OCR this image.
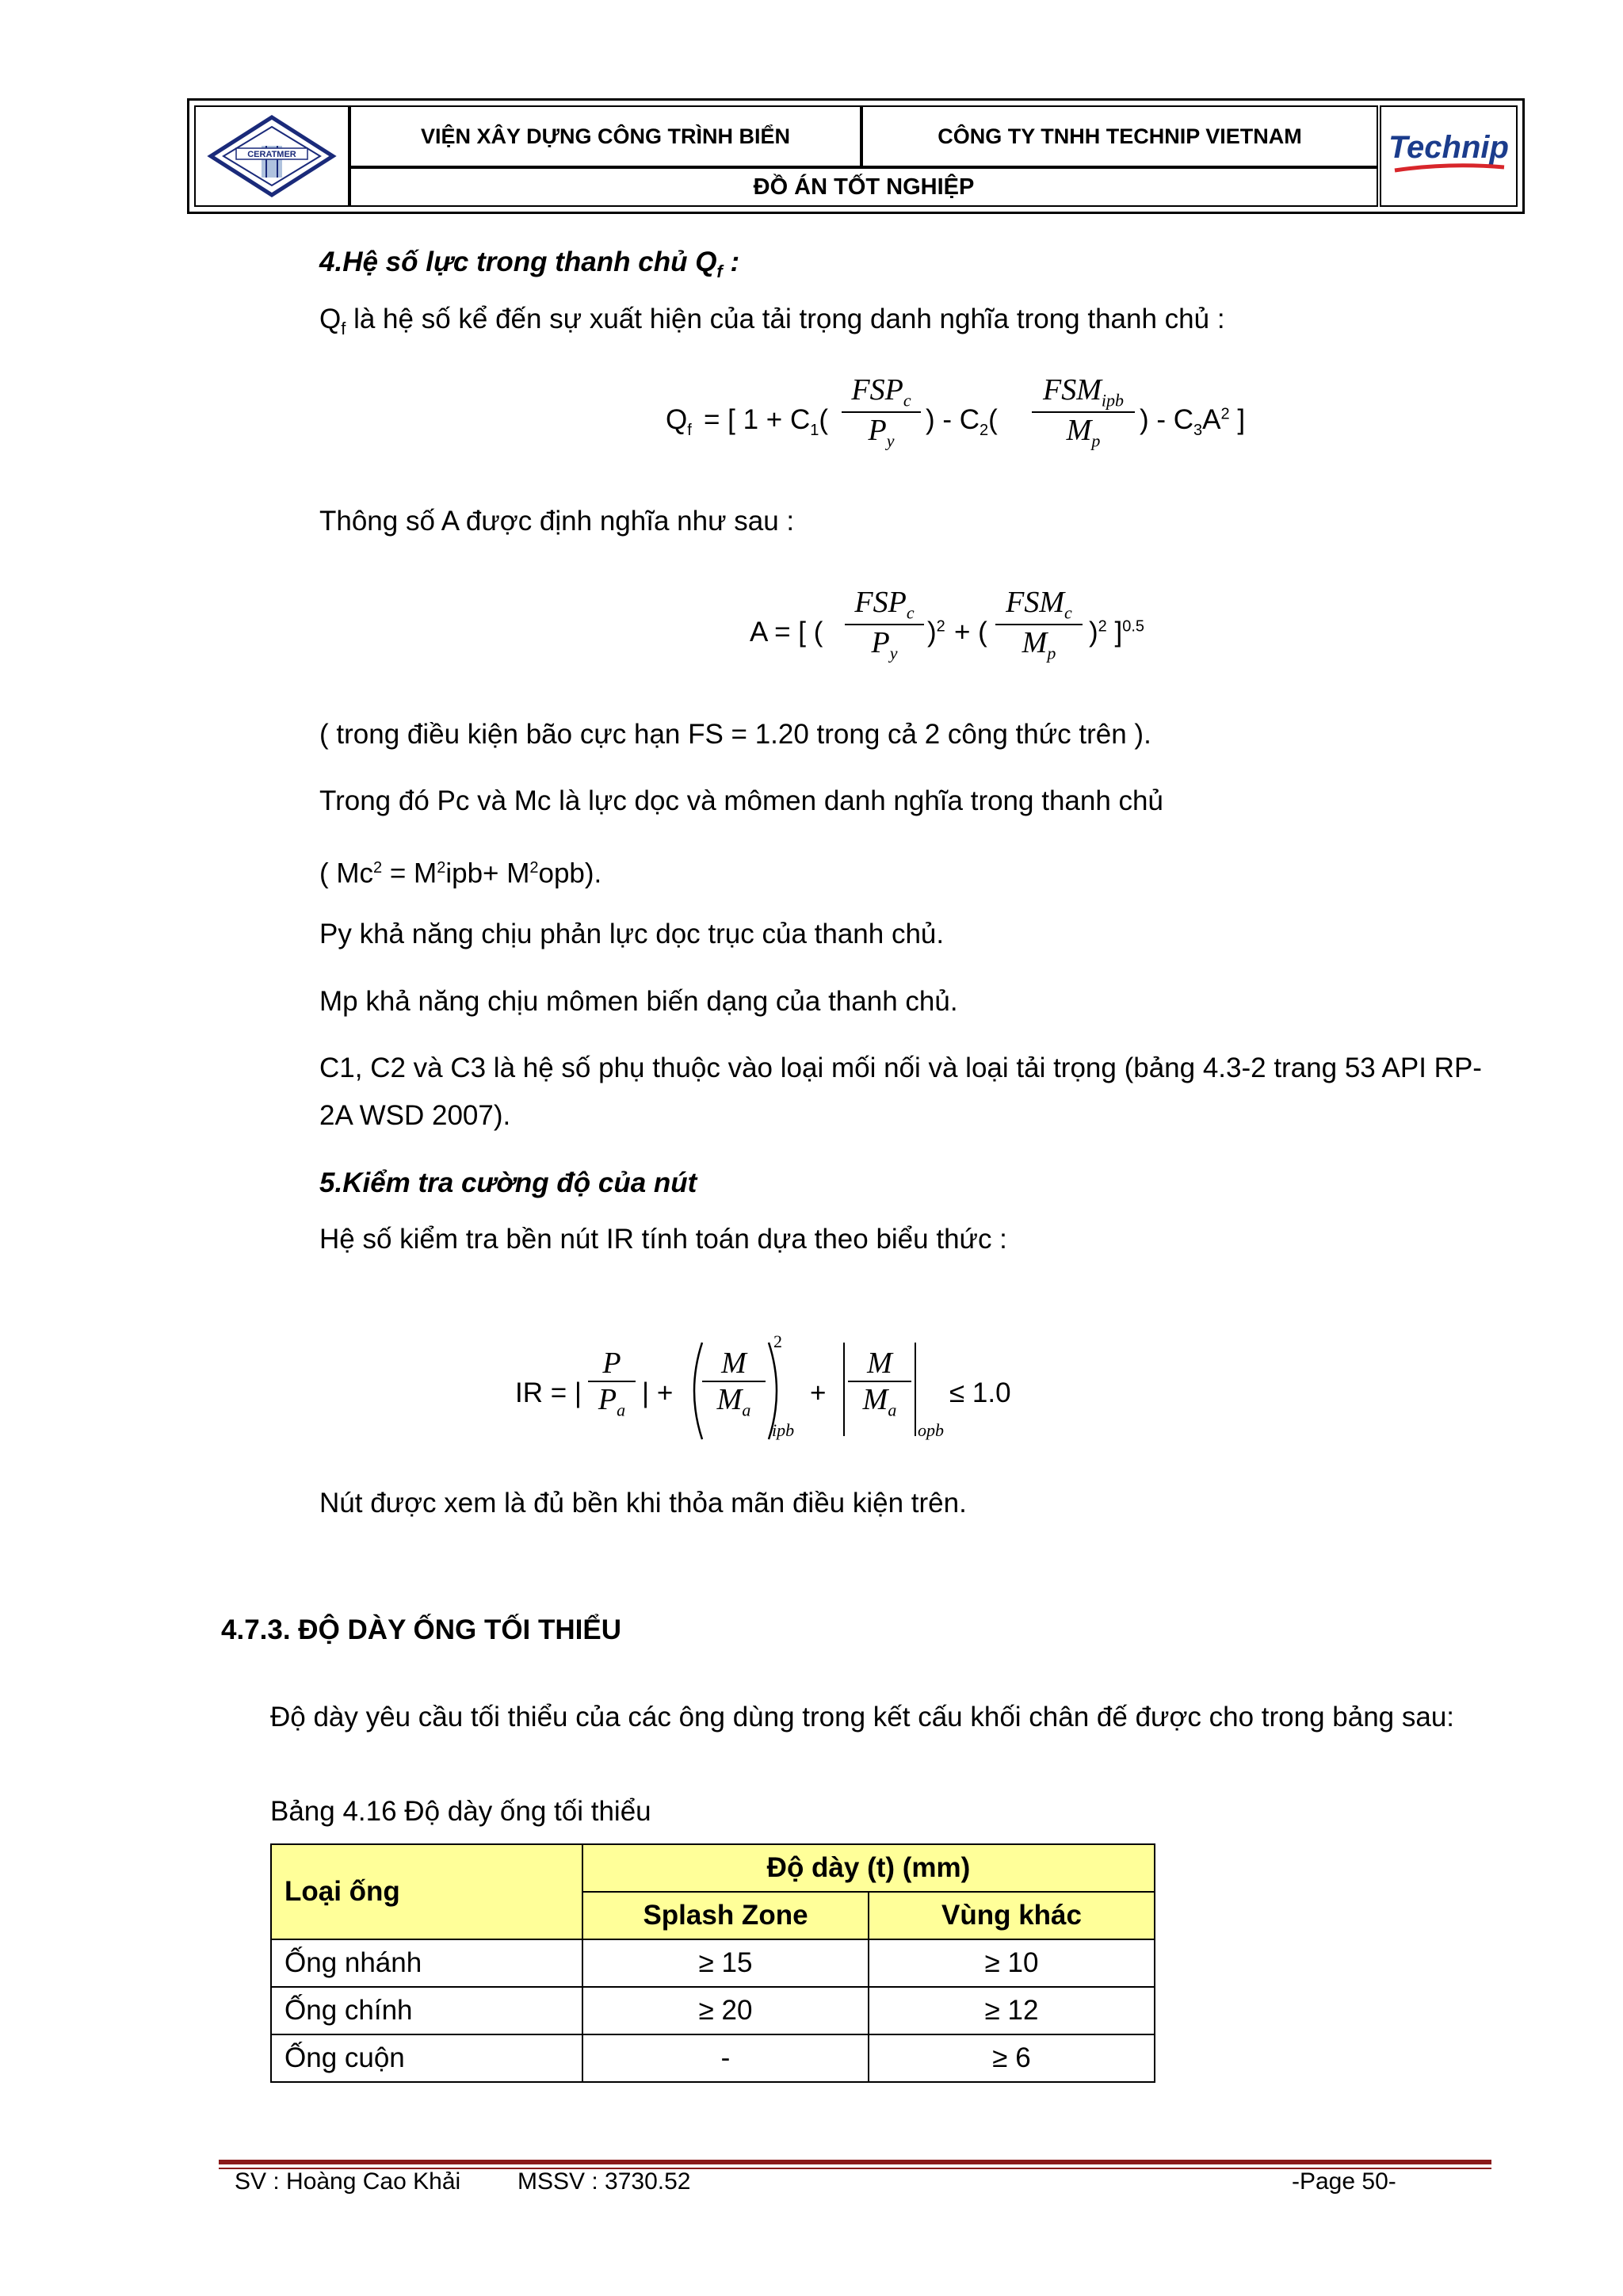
CERATMER
VIỆN XÂY DỰNG CÔNG TRÌNH BIỂN	CÔNG TY TNHH TECHNIP VIETNAM
ĐỒ ÁN TỐT NGHIỆP
Technip
4.Hệ số lực trong thanh chủ $Q_f$ :
$Q_f$ là hệ số kể đến sự xuất hiện của tải trọng danh nghĩa trong thanh chủ :
$Q_f$ = [ $1 + C_1$(
$FSP_c$
$P_y$
) - $C_2$(
$FSM_{ipb}$
$M_p$
) - $C_3A^2$ ]
Thông số A được định nghĩa như sau :
A = [ (
$FSP_c$
$P_y$
)$^2$ + (
$FSM_c$
$M_p$
)$^2$ ]$^{0.5}$
( trong điều kiện bão cực hạn FS = 1.20 trong cả 2 công thức trên ).
Trong đó Pc và Mc là lực dọc và mômen danh nghĩa trong thanh chủ
( $Mc^2 = M^2ipb+ M^2opb$).
Py khả năng chịu phản lực dọc trục của thanh chủ.
Mp khả năng chịu mômen biến dạng của thanh chủ.
C1, C2 và C3 là hệ số phụ thuộc vào loại mối nối và loại tải trọng (bảng 4.3-2 trang 53 API RP-
2A WSD 2007).
5.Kiểm tra cường độ của nút
Hệ số kiểm tra bền nút IR tính toán dựa theo biểu thức :
IR = | $\frac{P}{P_a}$ | + $\frac{M}{M_a}$
2
ipb
+ $\frac{M}{M_a}$
opb
≤ 1.0
Nút được xem là đủ bền khi thỏa mãn điều kiện trên.
4.7.3. ĐỘ DÀY ỐNG TỐI THIỂU
Độ dày yêu cầu tối thiểu của các ông dùng trong kết cấu khối chân đế được cho trong bảng sau:
Bảng 4.16 Độ dày ống tối thiểu
Loại ống	Độ dày (t) (mm)	
	Splash Zone	Vùng khác
Ống nhánh	≥ 15	≥ 10
Ống chính	≥ 20	≥ 12
Ống cuộn	-	≥ 6
SV : Hoàng Cao Khải MSSV : 3730.52	-Page 50-
